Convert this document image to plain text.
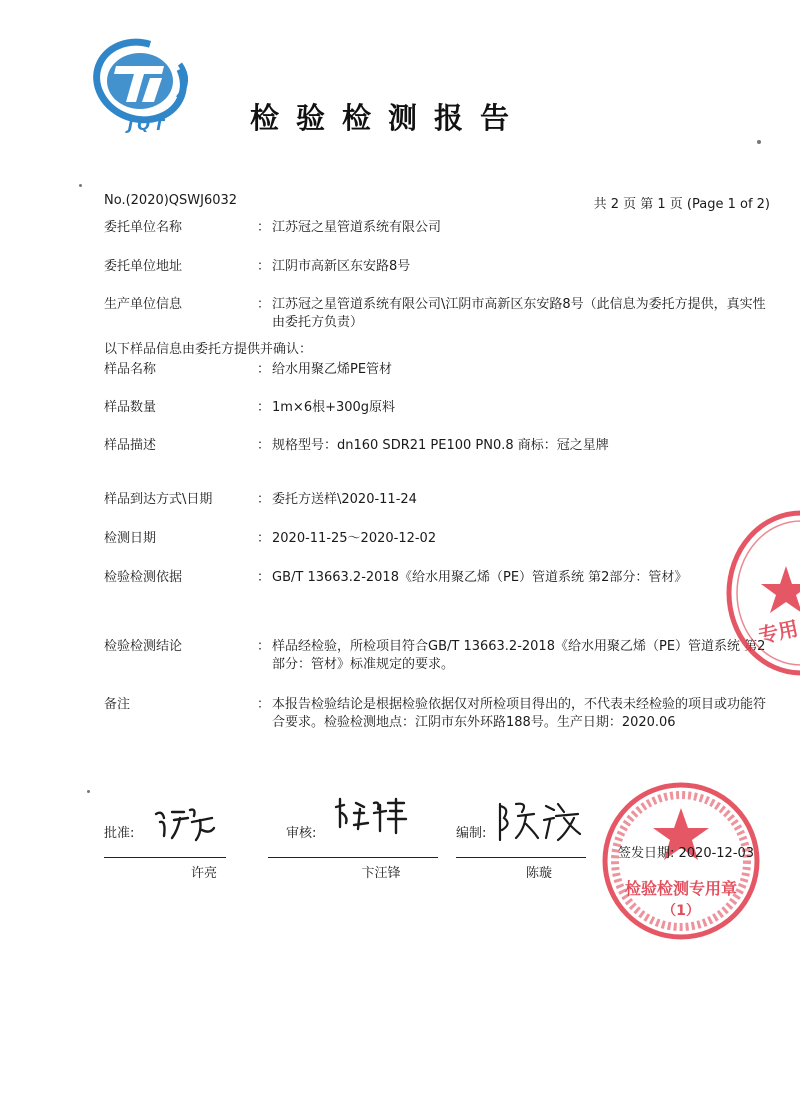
JQT	检验检测报告
No.(2020)QSWJ6032	共 2 页 第 1 页 (Page 1 of 2)
委托单位名称	： 江苏冠之星管道系统有限公司
委托单位地址	： 江阴市高新区东安路8号
生产单位信息	： 江苏冠之星管道系统有限公司\江阴市高新区东安路8号（此信息为委托方提供，真实性由委托方负责）
以下样品信息由委托方提供并确认：
样品名称	： 给水用聚乙烯PE管材
样品数量	： 1m×6根+300g原料
样品描述	： 规格型号：dn160 SDR21 PE100 PN0.8 商标：冠之星牌
样品到达方式\日期	： 委托方送样\2020-11-24
检测日期	： 2020-11-25～2020-12-02
检验检测依据	： GB/T 13663.2-2018《给水用聚乙烯（PE）管道系统 第2部分：管材》
检验检测结论	： 样品经检验，所检项目符合GB/T 13663.2-2018《给水用聚乙烯（PE）管道系统 第2部分：管材》标准规定的要求。
备注	： 本报告检验结论是根据检验依据仅对所检项目得出的，不代表未经检验的项目或功能符合要求。检验检测地点：江阴市东外环路188号。生产日期：2020.06
专用
批准:
许亮
审核:
卞汪锋
编制:
陈璇
检验检测专用章
（1）
签发日期: 2020-12-03
